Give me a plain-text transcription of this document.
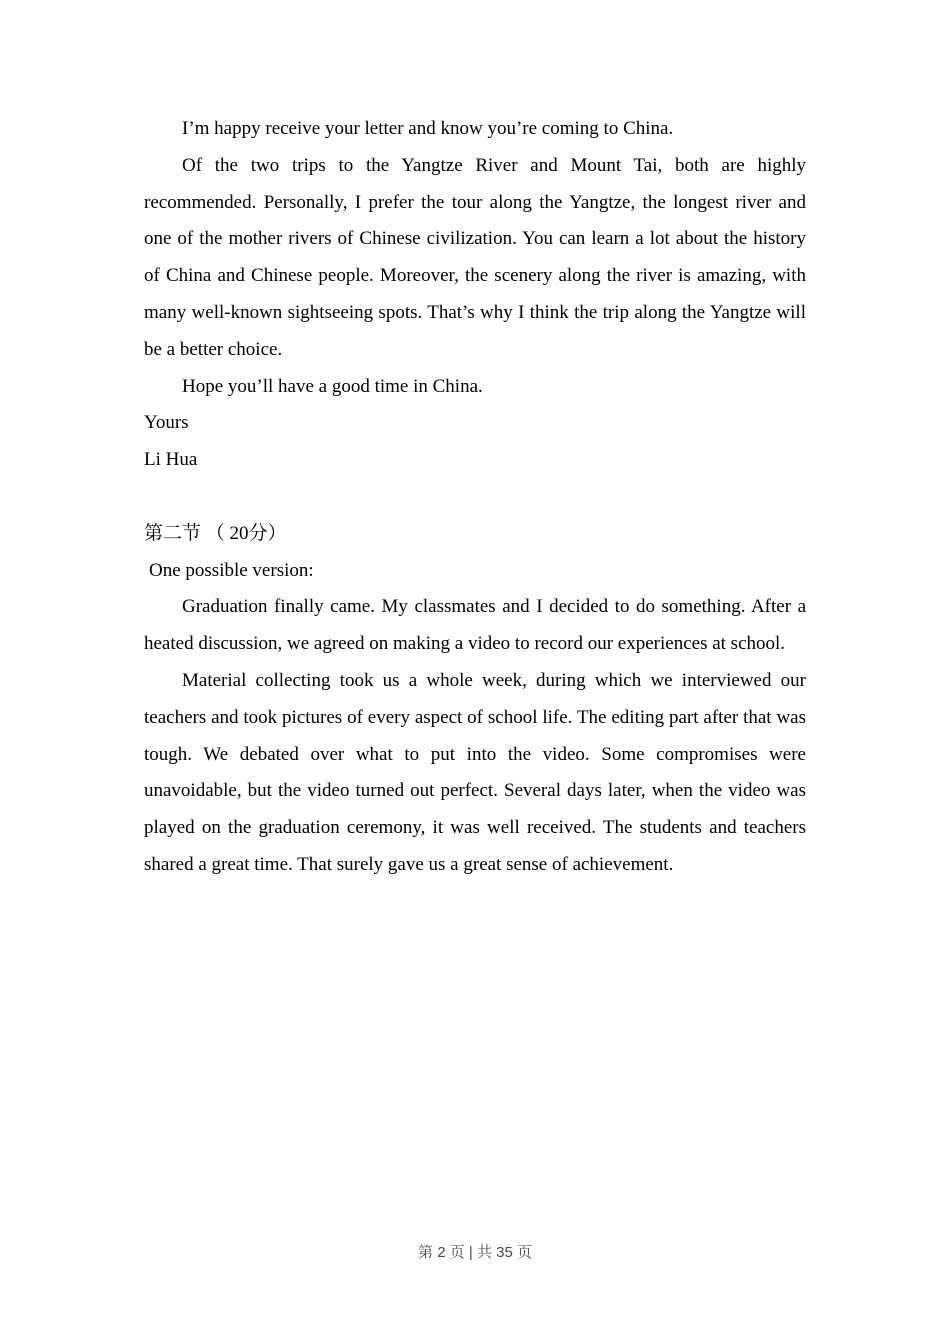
I’m happy receive your letter and know you’re coming to China.

Of the two trips to the Yangtze River and Mount Tai, both are highly recommended. Personally, I prefer the tour along the Yangtze, the longest river and one of the mother rivers of Chinese civilization. You can learn a lot about the history of China and Chinese people. Moreover, the scenery along the river is amazing, with many well-known sightseeing spots. That’s why I think the trip along the Yangtze will be a better choice.

Hope you’ll have a good time in China.

Yours

Li Hua

第二节 （ 20分）

One possible version:

Graduation finally came. My classmates and I decided to do something. After a heated discussion, we agreed on making a video to record our experiences at school.

Material collecting took us a whole week, during which we interviewed our teachers and took pictures of every aspect of school life. The editing part after that was tough. We debated over what to put into the video. Some compromises were unavoidable, but the video turned out perfect. Several days later, when the video was played on the graduation ceremony, it was well received. The students and teachers shared a great time. That surely gave us a great sense of achievement.

第 2 页 | 共 35 页
